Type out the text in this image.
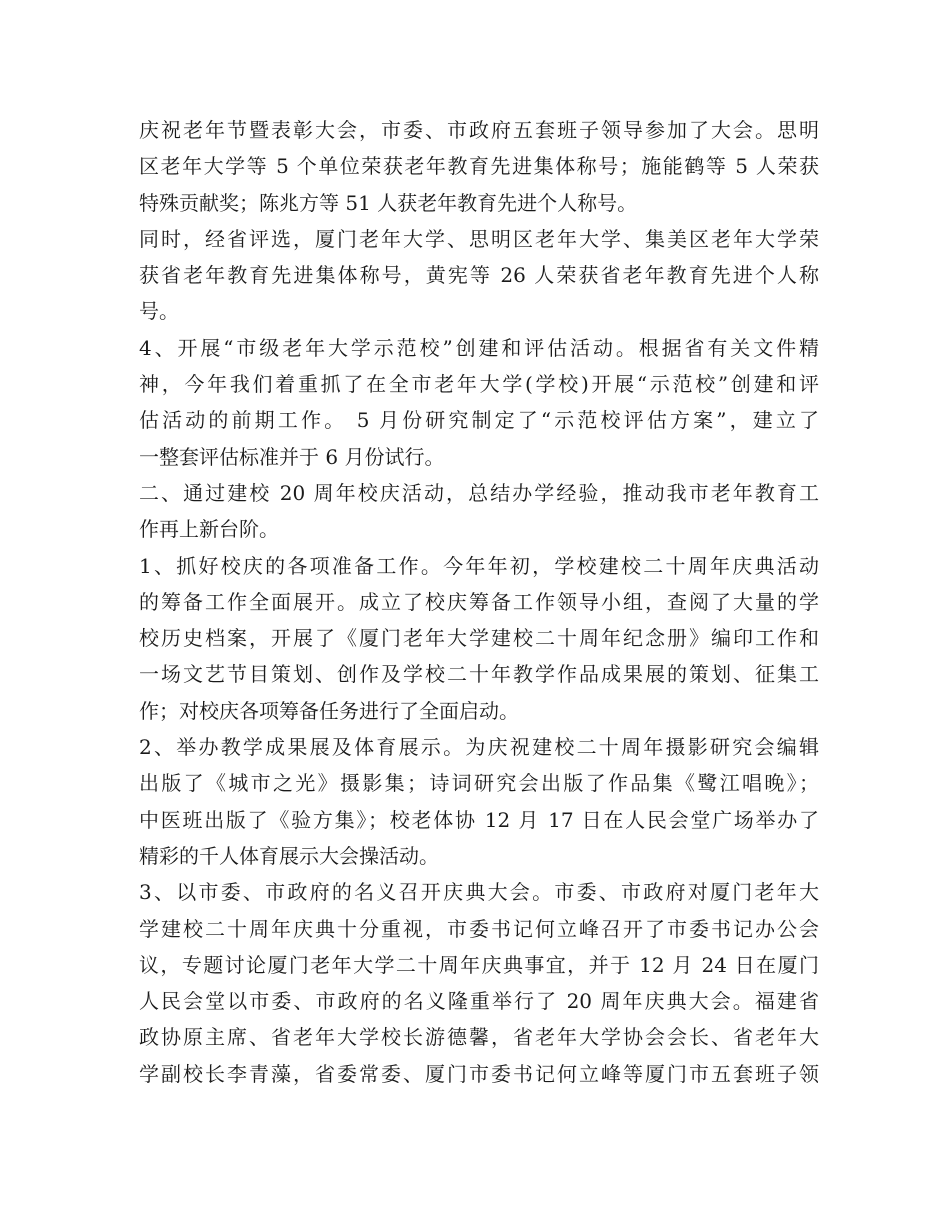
庆祝老年节暨表彰大会，市委、市政府五套班子领导参加了大会。思明
区老年大学等 5 个单位荣获老年教育先进集体称号；施能鹤等 5 人荣获
特殊贡献奖；陈兆方等 51 人获老年教育先进个人称号。
同时，经省评选，厦门老年大学、思明区老年大学、集美区老年大学荣
获省老年教育先进集体称号，黄宪等 26 人荣获省老年教育先进个人称
号。
4、开展“市级老年大学示范校”创建和评估活动。根据省有关文件精
神，今年我们着重抓了在全市老年大学(学校)开展“示范校”创建和评
估活动的前期工作。 5 月份研究制定了“示范校评估方案”，建立了
一整套评估标准并于 6 月份试行。
二、通过建校 20 周年校庆活动，总结办学经验，推动我市老年教育工
作再上新台阶。
1、抓好校庆的各项准备工作。今年年初，学校建校二十周年庆典活动
的筹备工作全面展开。成立了校庆筹备工作领导小组，查阅了大量的学
校历史档案，开展了《厦门老年大学建校二十周年纪念册》编印工作和
一场文艺节目策划、创作及学校二十年教学作品成果展的策划、征集工
作；对校庆各项筹备任务进行了全面启动。
2、举办教学成果展及体育展示。为庆祝建校二十周年摄影研究会编辑
出版了《城市之光》摄影集；诗词研究会出版了作品集《鹭江唱晚》；
中医班出版了《验方集》；校老体协 12 月 17 日在人民会堂广场举办了
精彩的千人体育展示大会操活动。
3、以市委、市政府的名义召开庆典大会。市委、市政府对厦门老年大
学建校二十周年庆典十分重视，市委书记何立峰召开了市委书记办公会
议，专题讨论厦门老年大学二十周年庆典事宜，并于 12 月 24 日在厦门
人民会堂以市委、市政府的名义隆重举行了 20 周年庆典大会。福建省
政协原主席、省老年大学校长游德馨，省老年大学协会会长、省老年大
学副校长李青藻，省委常委、厦门市委书记何立峰等厦门市五套班子领
